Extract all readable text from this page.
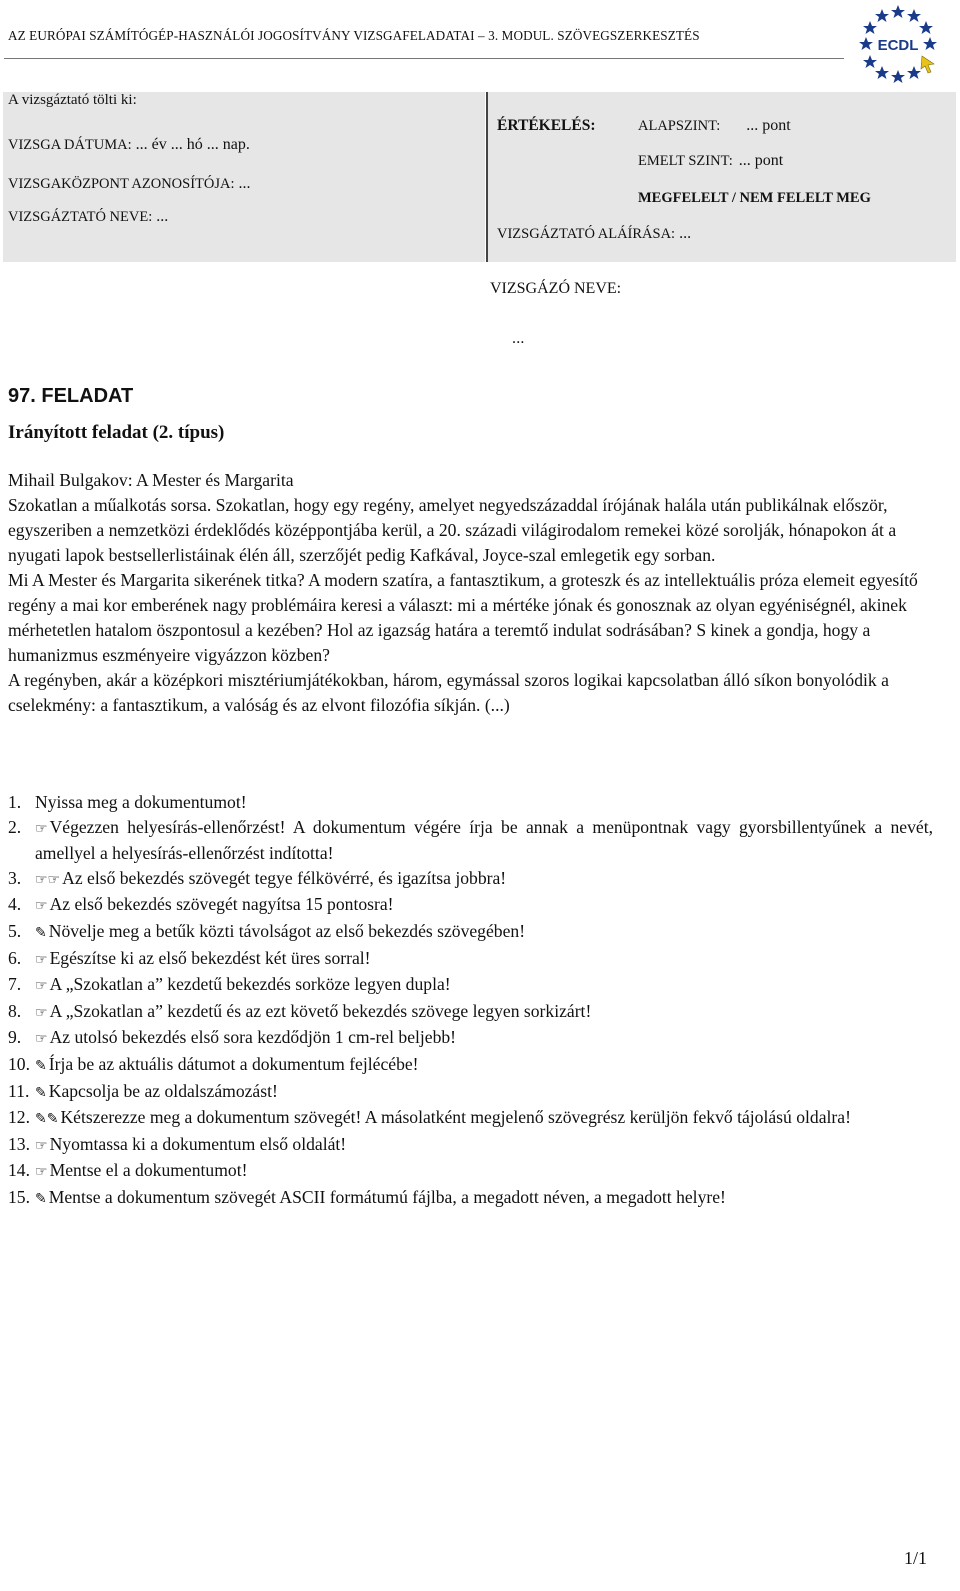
AZ EURÓPAI SZÁMÍTÓGÉP-HASZNÁLÓI JOGOSÍTVÁNY VIZSGAFELADATAI – 3. MODUL. SZÖVEGSZERKESZTÉS
ECDL
A vizsgáztató tölti ki:
VIZSGA DÁTUMA: ... év ... hó ... nap.
VIZSGAKÖZPONT AZONOSÍTÓJA: ...
VIZSGÁZTATÓ NEVE: ...
ÉRTÉKELÉS:	ALAPSZINT: ... pont
EMELT SZINT: ... pont
MEGFELELT / NEM FELELT MEG
VIZSGÁZTATÓ ALÁÍRÁSA: ...
VIZSGÁZÓ NEVE:
...
97. FELADAT
Irányított feladat (2. típus)

Mihail Bulgakov: A Mester és Margarita

Szokatlan a műalkotás sorsa. Szokatlan, hogy egy regény, amelyet negyedszázaddal írójának halála után publikálnak először, egyszeriben a nemzetközi érdeklődés középpontjába kerül, a 20. századi világirodalom remekei közé sorolják, hónapokon át a nyugati lapok bestsellerlistáinak élén áll, szerzőjét pedig Kafkával, Joyce-szal emlegetik egy sorban.

Mi A Mester és Margarita sikerének titka? A modern szatíra, a fantasztikum, a groteszk és az intellektuális próza elemeit egyesítő regény a mai kor emberének nagy problémáira keresi a választ: mi a mértéke jónak és gonosznak az olyan egyéniségnél, akinek mérhetetlen hatalom öszpontosul a kezében? Hol az igazság határa a teremtő indulat sodrásában? S kinek a gondja, hogy a humanizmus eszményeire vigyázzon közben?

A regényben, akár a középkori misztériumjátékokban, három, egymással szoros logikai kapcsolatban álló síkon bonyolódik a cselekmény: a fantasztikum, a valóság és az elvont filozófia síkján. (...)

1. Nyissa meg a dokumentumot!
2. ☞ Végezzen helyesírás-ellenőrzést! A dokumentum végére írja be annak a menüpontnak vagy gyorsbillentyűnek a nevét, amellyel a helyesírás-ellenőrzést indította!
3. ☞☞ Az első bekezdés szövegét tegye félkövérré, és igazítsa jobbra!
4. ☞ Az első bekezdés szövegét nagyítsa 15 pontosra!
5. ✎ Növelje meg a betűk közti távolságot az első bekezdés szövegében!
6. ☞ Egészítse ki az első bekezdést két üres sorral!
7. ☞ A „Szokatlan a” kezdetű bekezdés sorköze legyen dupla!
8. ☞ A „Szokatlan a” kezdetű és az ezt követő bekezdés szövege legyen sorkizárt!
9. ☞ Az utolsó bekezdés első sora kezdődjön 1 cm-rel beljebb!
10. ✎ Írja be az aktuális dátumot a dokumentum fejlécébe!
11. ✎ Kapcsolja be az oldalszámozást!
12. ✎✎ Kétszerezze meg a dokumentum szövegét! A másolatként megjelenő szövegrész kerüljön fekvő tájolású oldalra!
13. ☞ Nyomtassa ki a dokumentum első oldalát!
14. ☞ Mentse el a dokumentumot!
15. ✎ Mentse a dokumentum szövegét ASCII formátumú fájlba, a megadott néven, a megadott helyre!
1/1
